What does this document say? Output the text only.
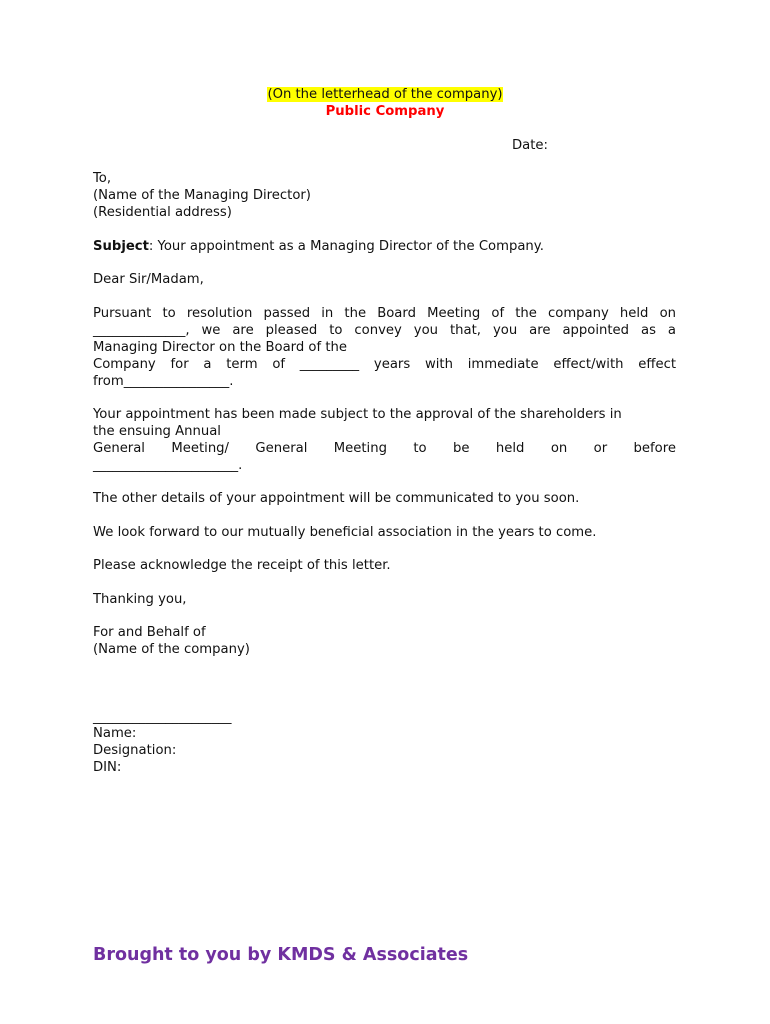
(On the letterhead of the company)
Public Company
Date:
To,
(Name of the Managing Director)
(Residential address)
Subject: Your appointment as a Managing Director of the Company.
Dear Sir/Madam,
Pursuant to resolution passed in the Board Meeting of the company held on
______________, we are pleased to convey you that, you are appointed as a
Managing Director on the Board of the
Company for a term of _________ years with immediate effect/with effect
from________________.
Your appointment has been made subject to the approval of the shareholders in
the ensuing Annual
General Meeting/ General Meeting to be held on or before
______________________.
The other details of your appointment will be communicated to you soon.
We look forward to our mutually beneficial association in the years to come.
Please acknowledge the receipt of this letter.
Thanking you,
For and Behalf of
(Name of the company)
_____________________
Name:
Designation:
DIN:
Brought to you by KMDS & Associates
